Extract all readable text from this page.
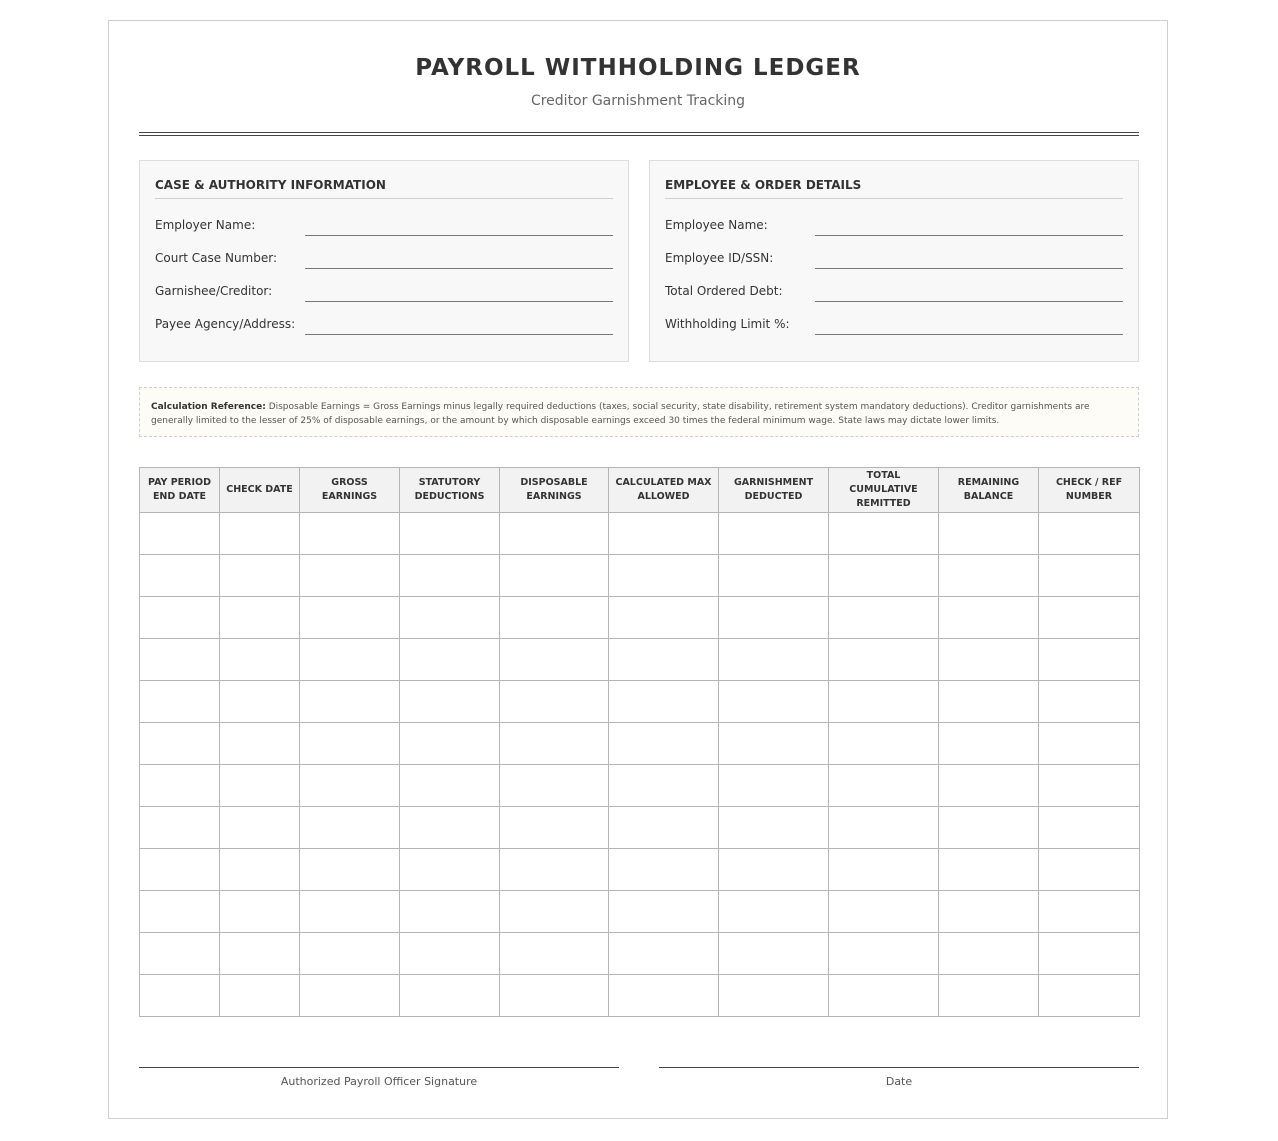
PAYROLL WITHHOLDING LEDGER
Creditor Garnishment Tracking
CASE & AUTHORITY INFORMATION
Employer Name:
Court Case Number:
Garnishee/Creditor:
Payee Agency/Address:
EMPLOYEE & ORDER DETAILS
Employee Name:
Employee ID/SSN:
Total Ordered Debt:
Withholding Limit %:
Calculation Reference: Disposable Earnings = Gross Earnings minus legally required deductions (taxes, social security, state disability, retirement system mandatory deductions). Creditor garnishments are generally limited to the lesser of 25% of disposable earnings, or the amount by which disposable earnings exceed 30 times the federal minimum wage. State laws may dictate lower limits.
PAY PERIOD END DATE	CHECK DATE	GROSS EARNINGS	STATUTORY DEDUCTIONS	DISPOSABLE EARNINGS	CALCULATED MAX ALLOWED	GARNISHMENT DEDUCTED	TOTAL CUMULATIVE REMITTED	REMAINING BALANCE	CHECK / REF NUMBER

Authorized Payroll Officer Signature	Date
